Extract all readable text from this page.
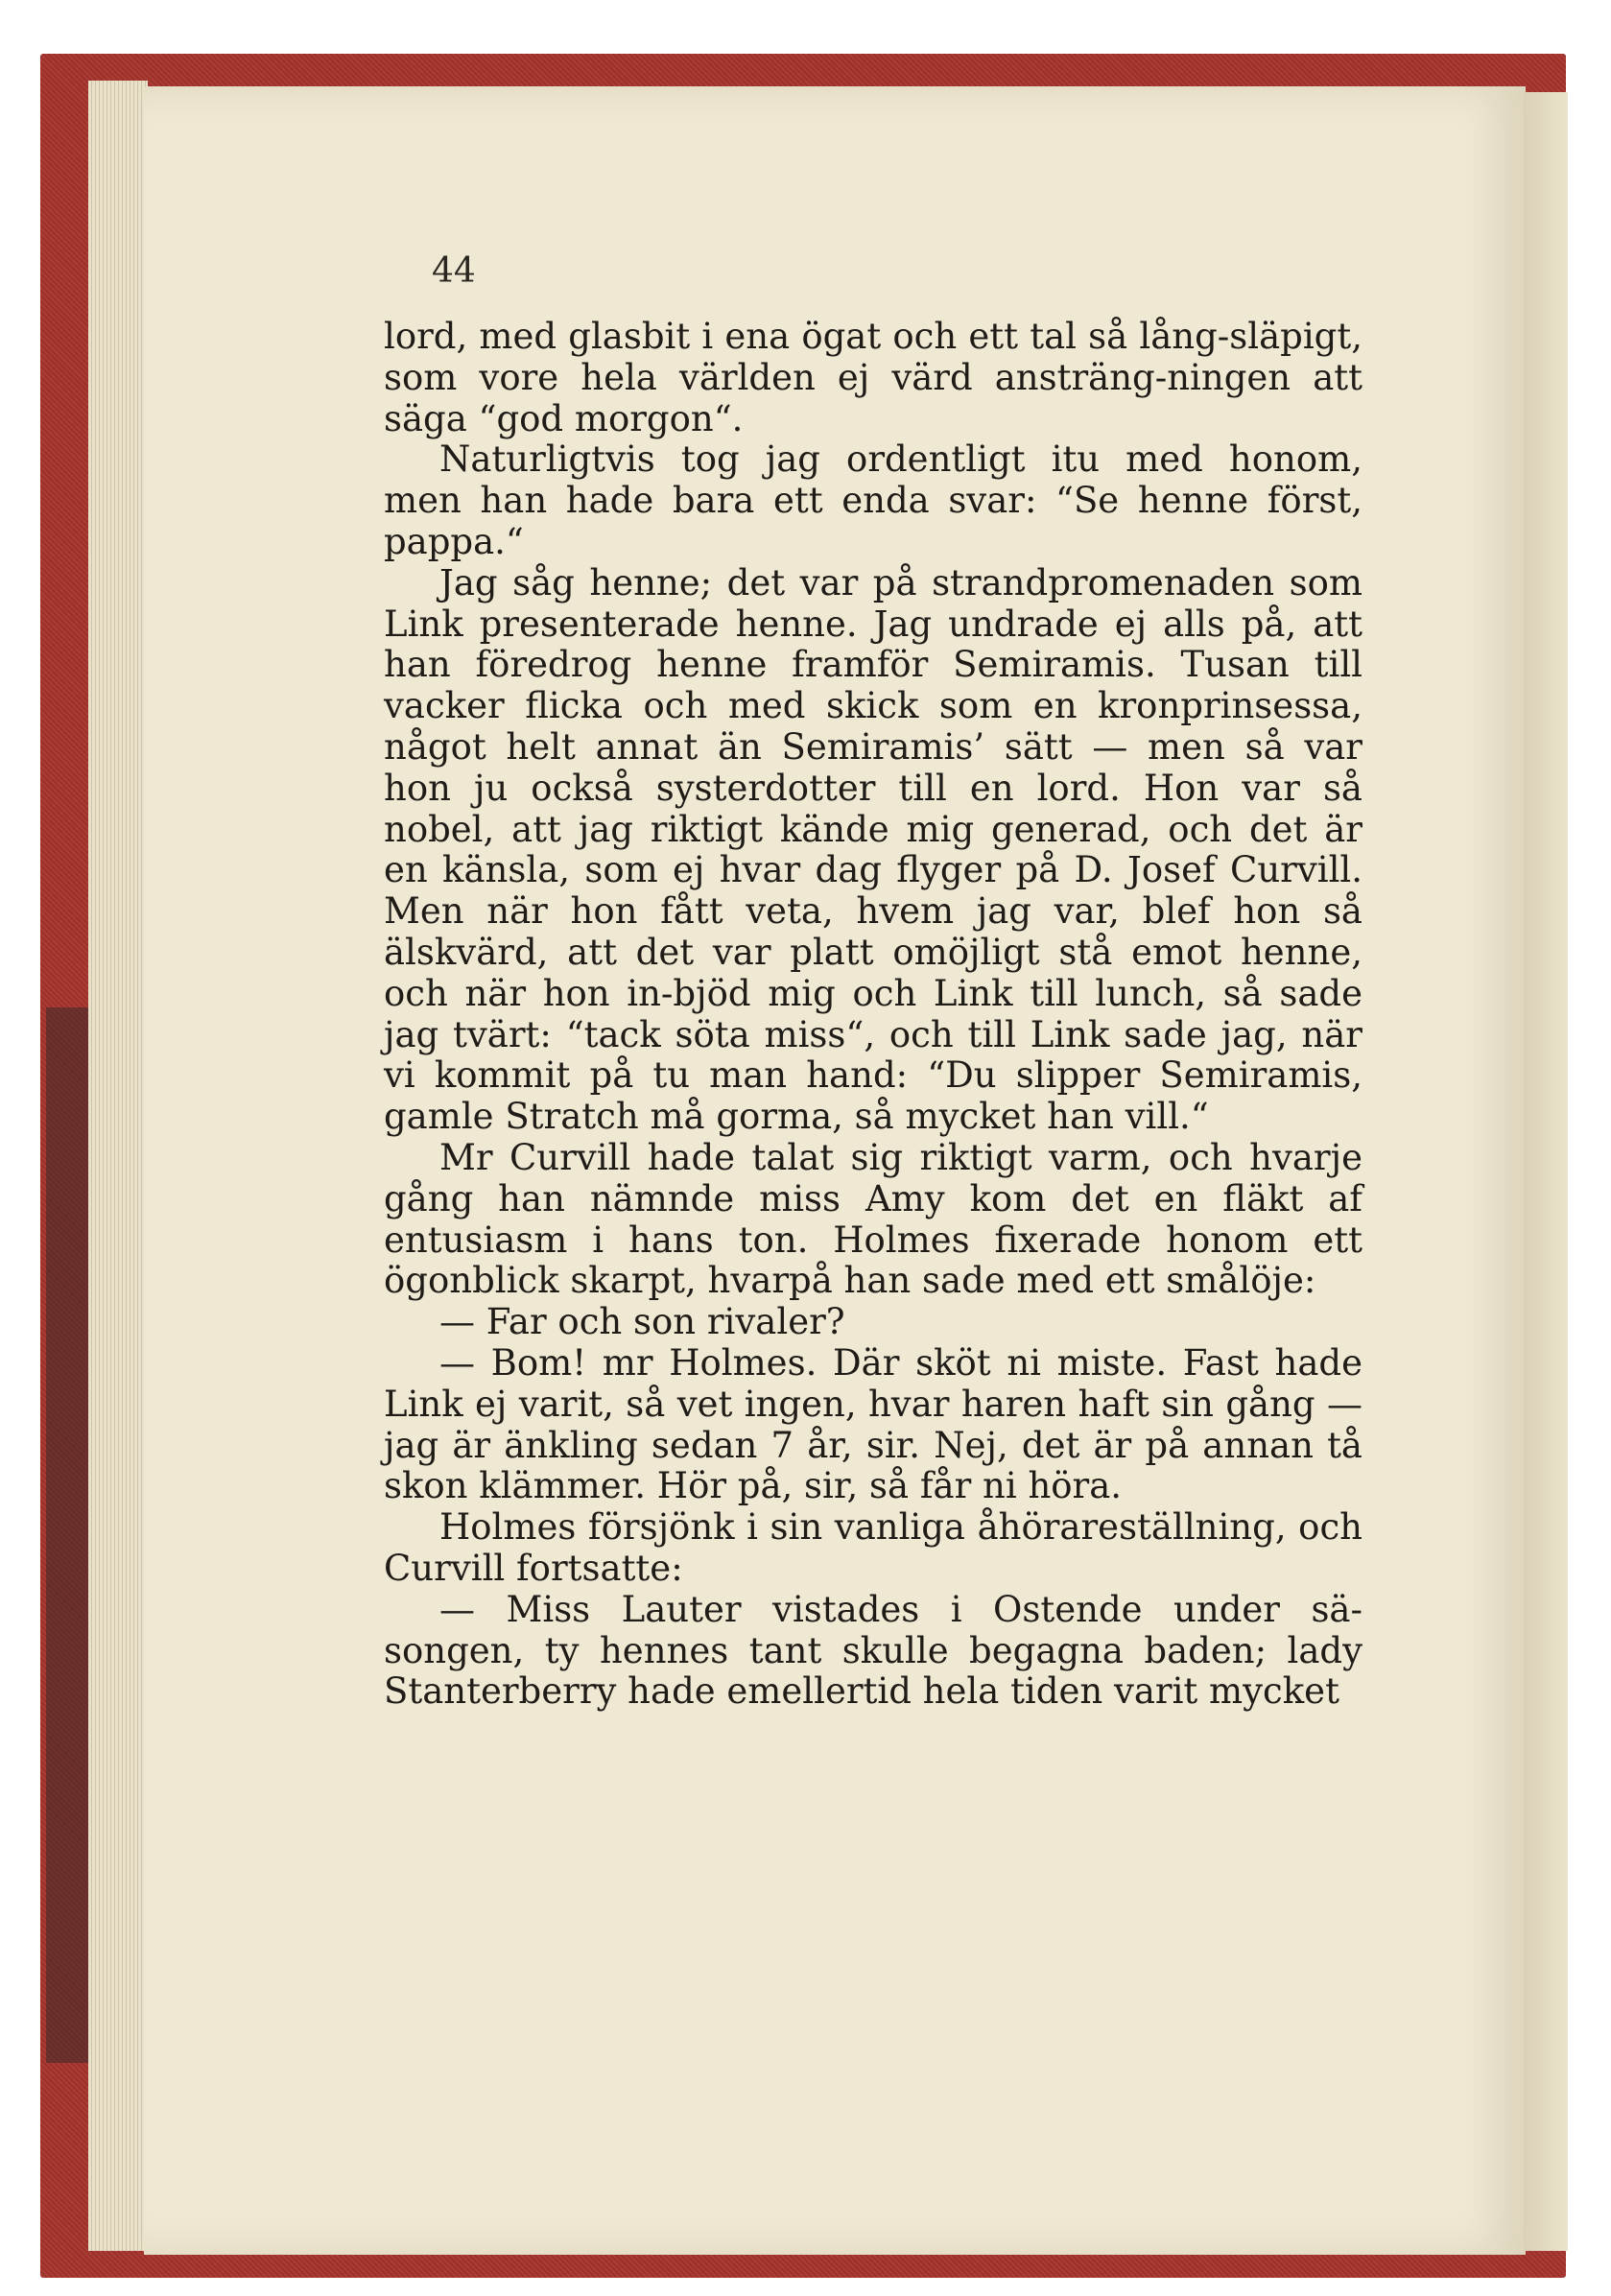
44

lord, med glasbit i ena ögat och ett tal så lång-släpigt, som vore hela världen ej värd ansträng-ningen att säga “god morgon“.

Naturligtvis tog jag ordentligt itu med honom, men han hade bara ett enda svar: “Se henne först, pappa.“

Jag såg henne; det var på strandpromenaden som Link presenterade henne. Jag undrade ej alls på, att han föredrog henne framför Semiramis. Tusan till vacker flicka och med skick som en kronprinsessa, något helt annat än Semiramis’ sätt — men så var hon ju också systerdotter till en lord. Hon var så nobel, att jag riktigt kände mig generad, och det är en känsla, som ej hvar dag flyger på D. Josef Curvill. Men när hon fått veta, hvem jag var, blef hon så älskvärd, att det var platt omöjligt stå emot henne, och när hon in-bjöd mig och Link till lunch, så sade jag tvärt: “tack söta miss“, och till Link sade jag, när vi kommit på tu man hand: “Du slipper Semiramis, gamle Stratch må gorma, så mycket han vill.“

Mr Curvill hade talat sig riktigt varm, och hvarje gång han nämnde miss Amy kom det en fläkt af entusiasm i hans ton. Holmes fixerade honom ett ögonblick skarpt, hvarpå han sade med ett smålöje:

— Far och son rivaler?

— Bom! mr Holmes. Där sköt ni miste. Fast hade Link ej varit, så vet ingen, hvar haren haft sin gång — jag är änkling sedan 7 år, sir. Nej, det är på annan tå skon klämmer. Hör på, sir, så får ni höra.

Holmes försjönk i sin vanliga åhörareställning, och Curvill fortsatte:

— Miss Lauter vistades i Ostende under sä-songen, ty hennes tant skulle begagna baden; lady Stanterberry hade emellertid hela tiden varit mycket
